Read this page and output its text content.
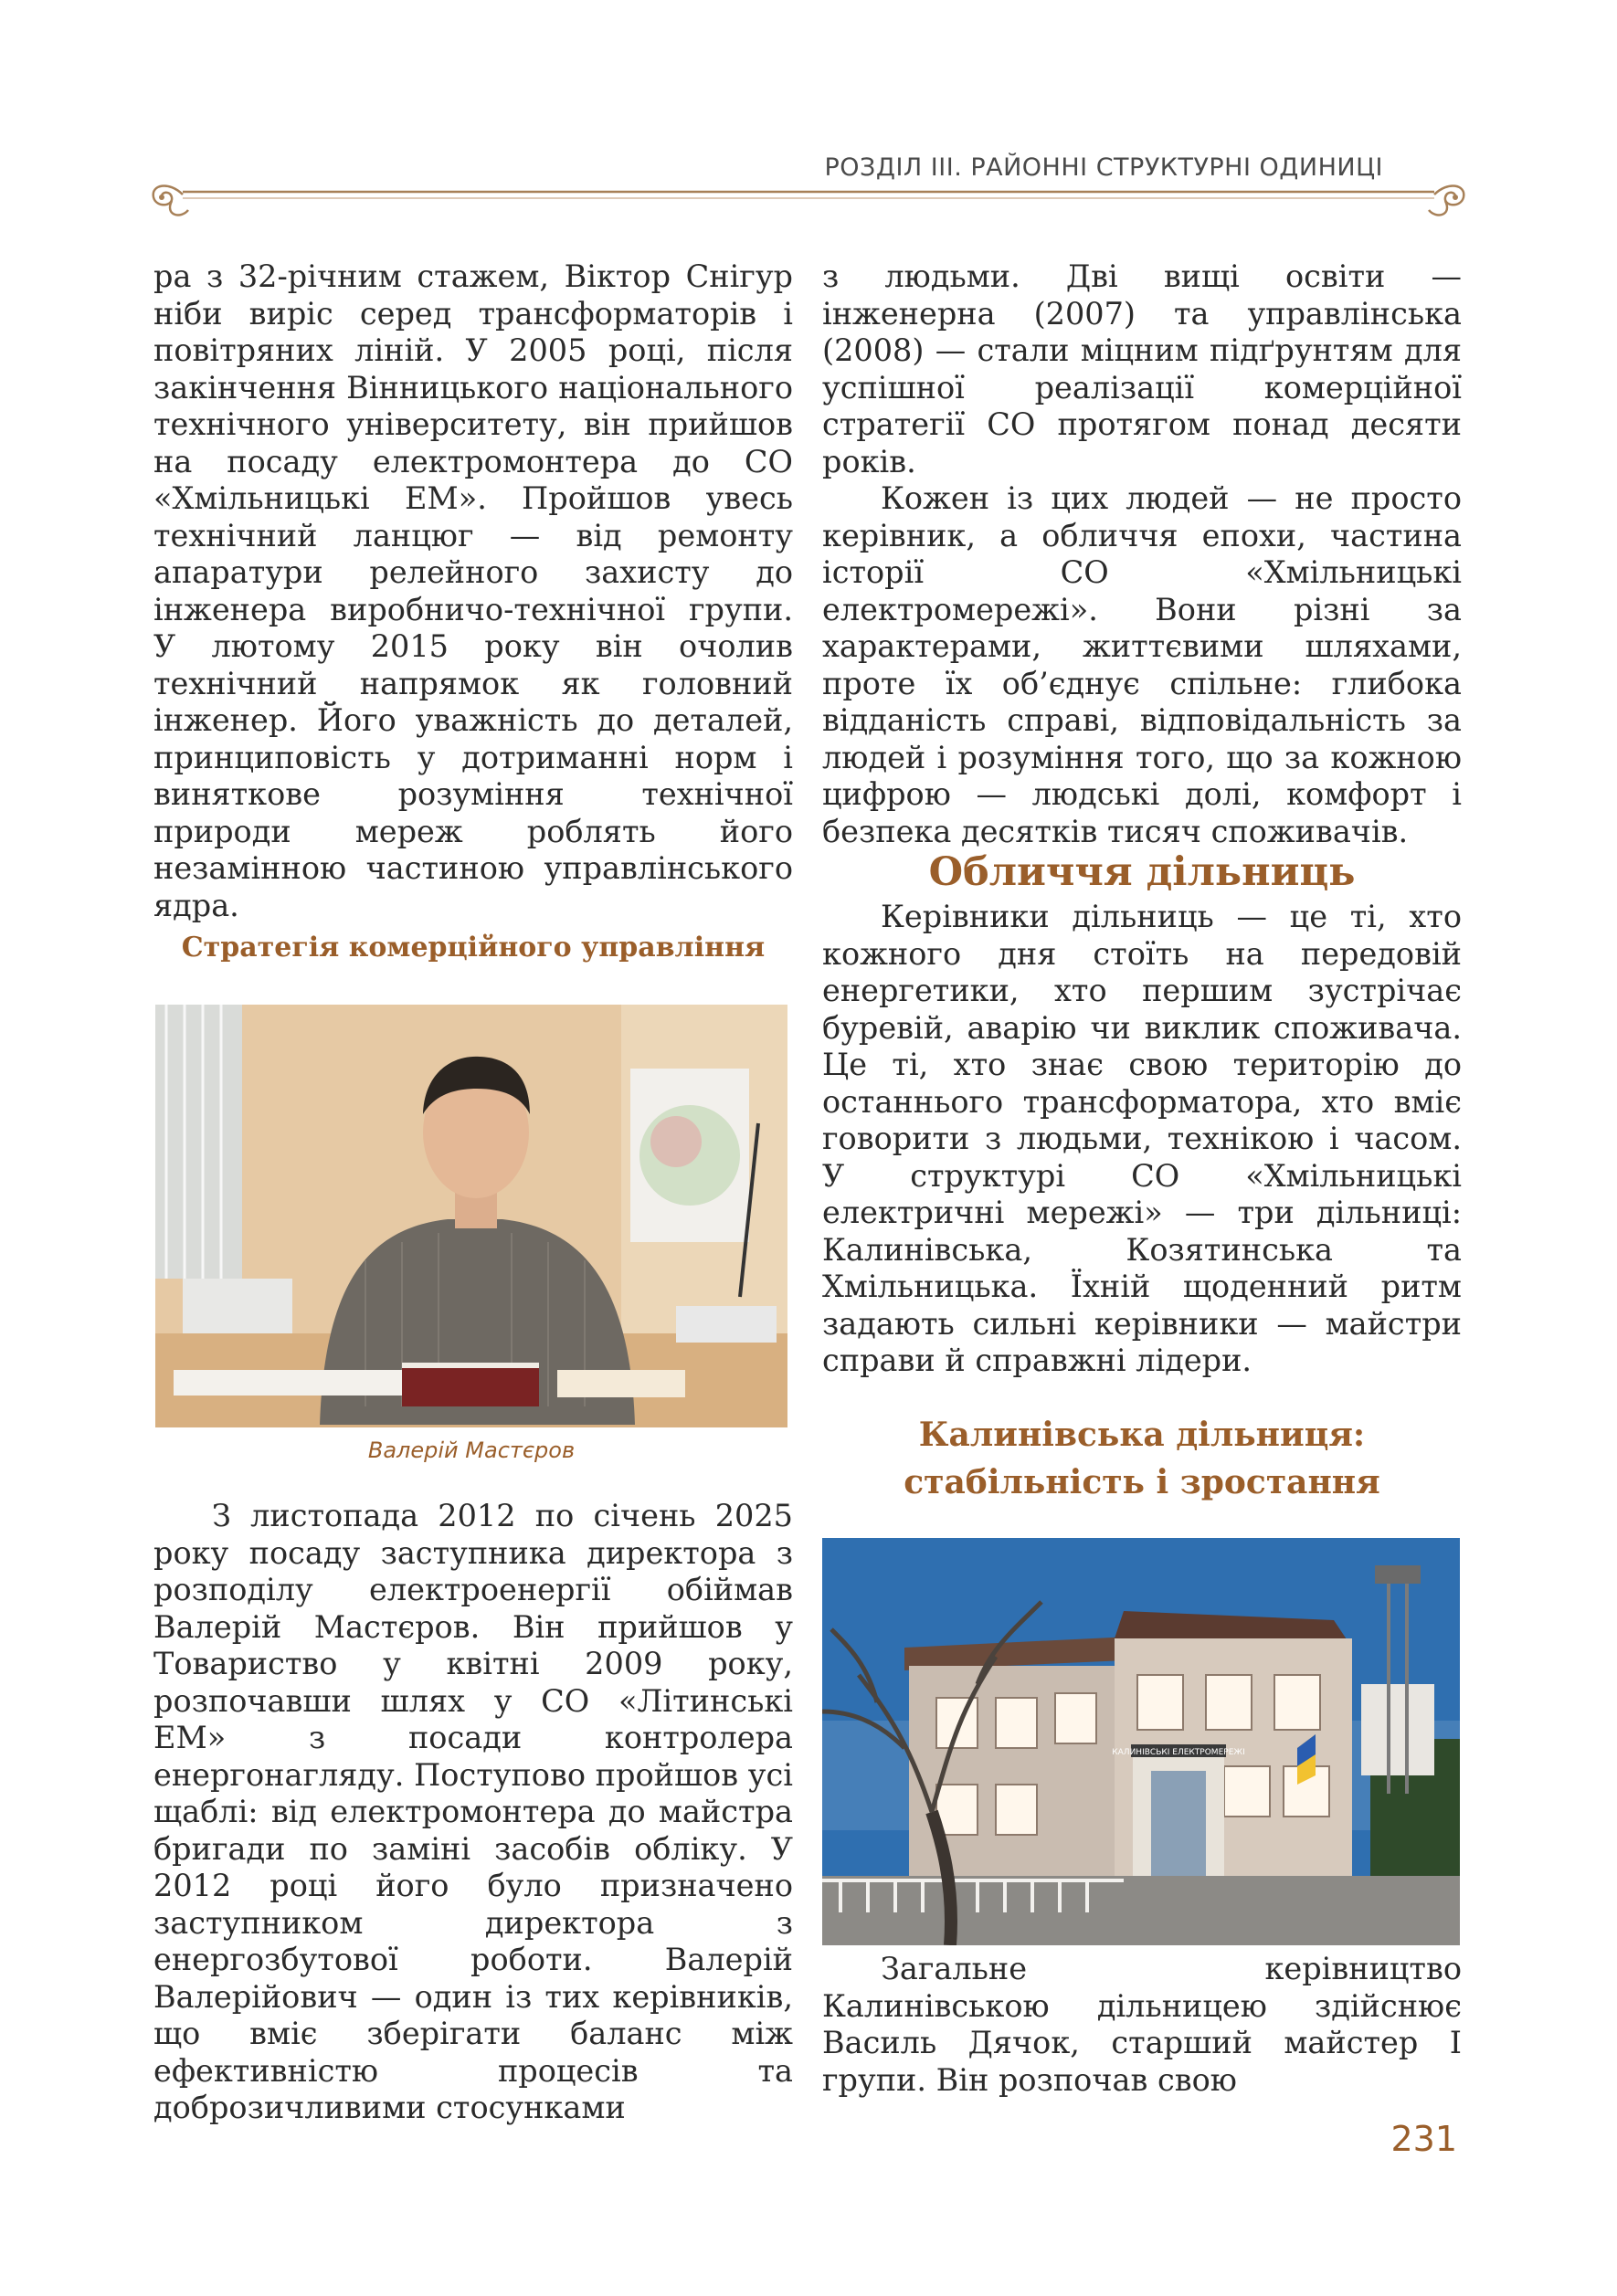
РОЗДІЛ ІІІ. РАЙОННІ СТРУКТУРНІ ОДИНИЦІ

ра з 32-річним стажем, Віктор Снігур ніби виріс серед трансформаторів і повітряних ліній. У 2005 році, після закінчення Вінницького національного технічного університету, він прийшов на посаду електромонтера до СО «Хмільницькі ЕМ». Пройшов увесь технічний ланцюг — від ремонту апаратури релейного захисту до інженера виробничо-технічної групи. У лютому 2015 року він очолив технічний напрямок як головний інженер. Його уважність до деталей, принциповість у дотриманні норм і виняткове розуміння технічної природи мереж роблять його незамінною частиною управлінського ядра.

Стратегія комерційного управління
Валерій Мастєров

З листопада 2012 по січень 2025 року посаду заступника директора з розподілу електроенергії обіймав Валерій Мастєров. Він прийшов у Товариство у квітні 2009 року, розпочавши шлях у СО «Літинські ЕМ» з посади контролера енергонагляду. Поступово пройшов усі щаблі: від електромонтера до майстра бригади по заміні засобів обліку. У 2012 році його було призначено заступником директора з енергозбутової роботи. Валерій Валерійович — один із тих керівників, що вміє зберігати баланс між ефективністю процесів та доброзичливими стосунками

з людьми. Дві вищі освіти — інженерна (2007) та управлінська (2008) — стали міцним підґрунтям для успішної реалізації комерційної стратегії СО протягом понад десяти років.

Кожен із цих людей — не просто керівник, а обличчя епохи, частина історії СО «Хмільницькі електромережі». Вони різні за характерами, життєвими шляхами, проте їх об’єднує спільне: глибока відданість справі, відповідальність за людей і розуміння того, що за кожною цифрою — людські долі, комфорт і безпека десятків тисяч споживачів.

Обличчя дільниць

Керівники дільниць — це ті, хто кожного дня стоїть на передовій енергетики, хто першим зустрічає буревій, аварію чи виклик споживача. Це ті, хто знає свою територію до останнього трансформатора, хто вміє говорити з людьми, технікою і часом. У структурі СО «Хмільницькі електричні мережі» — три дільниці: Калинівська, Козятинська та Хмільницька. Їхній щоденний ритм задають сильні керівники — майстри справи й справжні лідери.

Калинівська дільниця:
стабільність і зростання
КАЛИНІВСЬКІ ЕЛЕКТРОМЕРЕЖІ

Загальне керівництво Калинівською дільницею здійснює Василь Дячок, старший майстер I групи. Він розпочав свою

231
